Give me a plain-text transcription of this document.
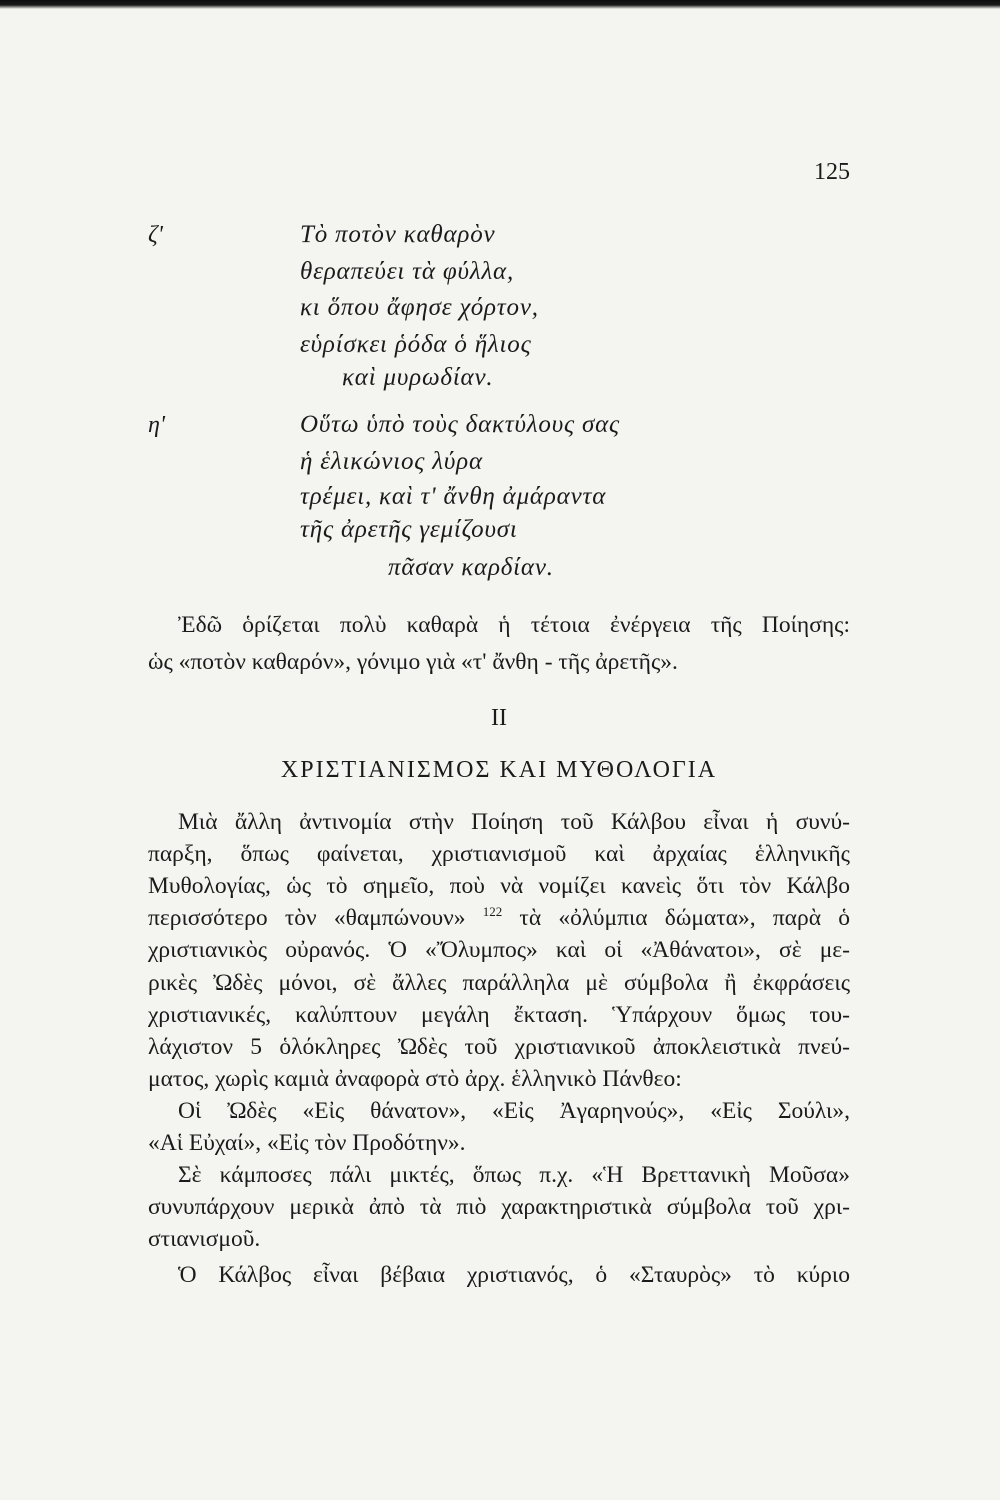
125
ζ'	Τὸ ποτὸν καθαρὸν
θεραπεύει τὰ φύλλα,
κι ὅπου ἄφησε χόρτον,
εὑρίσκει ῥόδα ὁ ἥλιος
καὶ μυρωδίαν.
η'	Οὕτω ὑπὸ τοὺς δακτύλους σας
ἡ ἑλικώνιος λύρα
τρέμει, καὶ τ' ἄνθη ἀμάραντα
τῆς ἀρετῆς γεμίζουσι
πᾶσαν καρδίαν.
Ἐδῶ ὁρίζεται πολὺ καθαρὰ ἡ τέτοια ἐνέργεια τῆς Ποίησης:
ὡς «ποτὸν καθαρόν», γόνιμο γιὰ «τ' ἄνθη - τῆς ἀρετῆς».
II
ΧΡΙΣΤΙΑΝΙΣΜΟΣ ΚΑΙ ΜΥΘΟΛΟΓΙΑ
Μιὰ ἄλλη ἀντινομία στὴν Ποίηση τοῦ Κάλβου εἶναι ἡ συνύ-
παρξη, ὅπως φαίνεται, χριστιανισμοῦ καὶ ἀρχαίας ἑλληνικῆς
Μυθολογίας, ὡς τὸ σημεῖο, ποὺ νὰ νομίζει κανεὶς ὅτι τὸν Κάλβο
περισσότερο τὸν «θαμπώνουν» $^{122}$ τὰ «ὀλύμπια δώματα», παρὰ ὁ
χριστιανικὸς οὐρανός. Ὁ «Ὄλυμπος» καὶ οἱ «Ἀθάνατοι», σὲ με-
ρικὲς Ὠδὲς μόνοι, σὲ ἄλλες παράλληλα μὲ σύμβολα ἢ ἐκφράσεις
χριστιανικές, καλύπτουν μεγάλη ἔκταση. Ὑπάρχουν ὅμως του-
λάχιστον 5 ὁλόκληρες Ὠδὲς τοῦ χριστιανικοῦ ἀποκλειστικὰ πνεύ-
ματος, χωρὶς καμιὰ ἀναφορὰ στὸ ἀρχ. ἑλληνικὸ Πάνθεο:
Οἱ Ὠδὲς «Εἰς θάνατον», «Εἰς Ἀγαρηνούς», «Εἰς Σούλι»,
«Αἱ Εὐχαί», «Εἰς τὸν Προδότην».
Σὲ κάμποσες πάλι μικτές, ὅπως π.χ. «Ἡ Βρεττανικὴ Μοῦσα»
συνυπάρχουν μερικὰ ἀπὸ τὰ πιὸ χαρακτηριστικὰ σύμβολα τοῦ χρι-
στιανισμοῦ.
Ὁ Κάλβος εἶναι βέβαια χριστιανός, ὁ «Σταυρὸς» τὸ κύριο
